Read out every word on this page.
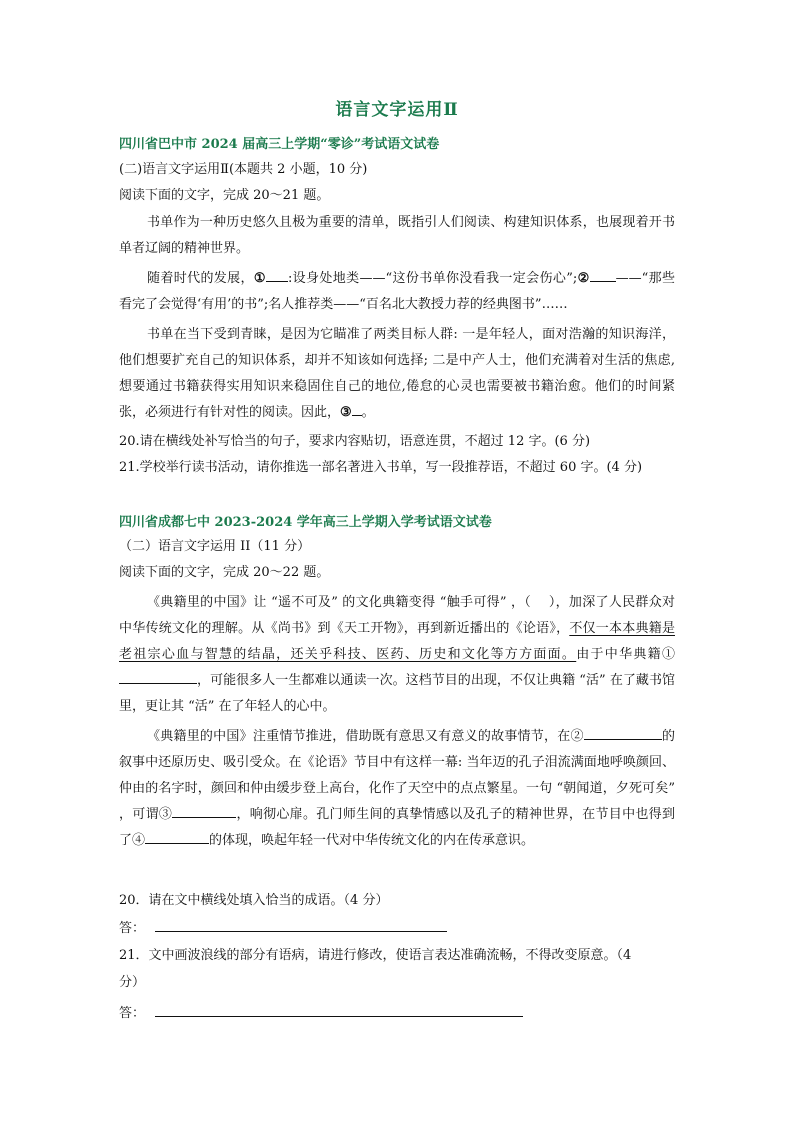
语言文字运用Ⅱ
四川省巴中市 2024 届高三上学期“零诊”考试语文试卷
(二)语言文字运用Ⅱ(本题共 2 小题，10 分)
阅读下面的文字，完成 20～21 题。
书单作为一种历史悠久且极为重要的清单，既指引人们阅读、构建知识体系，也展现着开书单者辽阔的精神世界。
随着时代的发展，① :设身处地类——“这份书单你没看我一定会伤心”;② ——“那些看完了会觉得‘有用’的书”;名人推荐类——“百名北大教授力荐的经典图书”……
书单在当下受到青睐，是因为它瞄准了两类目标人群: 一是年轻人，面对浩瀚的知识海洋，他们想要扩充自己的知识体系，却并不知该如何选择; 二是中产人士，他们充满着对生活的焦虑,想要通过书籍获得实用知识来稳固住自己的地位,倦怠的心灵也需要被书籍治愈。他们的时间紧张，必须进行有针对性的阅读。因此，③ 。
20.请在横线处补写恰当的句子，要求内容贴切，语意连贯，不超过 12 字。(6 分)
21.学校举行读书活动，请你推选一部名著进入书单，写一段推荐语，不超过 60 字。(4 分)
四川省成都七中 2023-2024 学年高三上学期入学考试语文试卷
（二）语言文字运用 II（11 分）
阅读下面的文字，完成 20～22 题。
《典籍里的中国》让 “遥不可及” 的文化典籍变得 “触手可得” ，（　 ），加深了人民群众对中华传统文化的理解。从《尚书》到《天工开物》，再到新近播出的《论语》，不仅一本本典籍是老祖宗心血与智慧的结晶，还关乎科技、医药、历史和文化等方方面面。由于中华典籍①，可能很多人一生都难以通读一次。这档节目的出现，不仅让典籍 “活” 在了藏书馆里，更让其 “活” 在了年轻人的心中。
《典籍里的中国》注重情节推进，借助既有意思又有意义的故事情节，在②	的叙事中还原历史、吸引受众。在《论语》节目中有这样一幕: 当年迈的孔子泪流满面地呼唤颜回、仲由的名字时，颜回和仲由缓步登上高台，化作了天空中的点点繁星。一句 “朝闻道，夕死可矣” ，可谓③	，响彻心扉。孔门师生间的真挚情感以及孔子的精神世界，在节目中也得到了④	的体现，唤起年轻一代对中华传统文化的内在传承意识。
20．请在文中横线处填入恰当的成语。（4 分）
答：
21．文中画波浪线的部分有语病，请进行修改，使语言表达准确流畅，不得改变原意。（4
分）
答：
